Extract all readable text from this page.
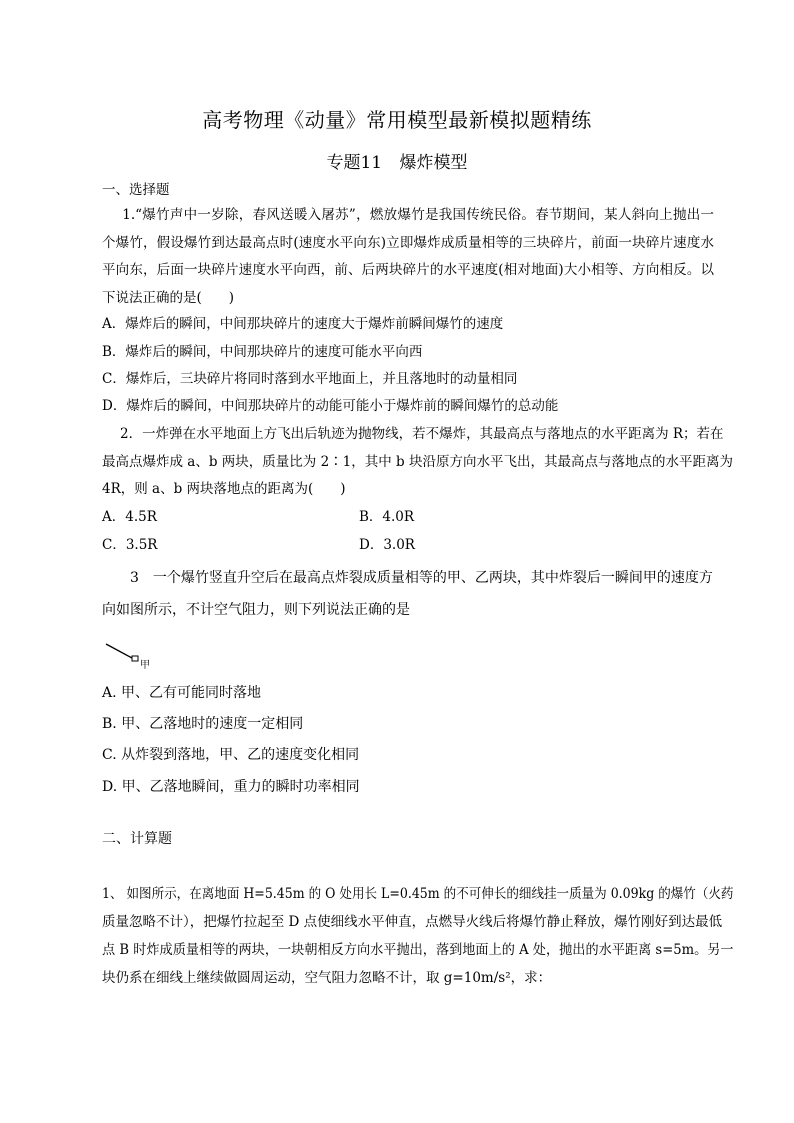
高考物理《动量》常用模型最新模拟题精练
专题11 爆炸模型
一、选择题
1.“爆竹声中一岁除，春风送暖入屠苏”，燃放爆竹是我国传统民俗。春节期间，某人斜向上抛出一个爆竹，假设爆竹到达最高点时(速度水平向东)立即爆炸成质量相等的三块碎片，前面一块碎片速度水平向东，后面一块碎片速度水平向西，前、后两块碎片的水平速度(相对地面)大小相等、方向相反。以下说法正确的是(　　)
A．爆炸后的瞬间，中间那块碎片的速度大于爆炸前瞬间爆竹的速度
B．爆炸后的瞬间，中间那块碎片的速度可能水平向西
C．爆炸后，三块碎片将同时落到水平地面上，并且落地时的动量相同
D．爆炸后的瞬间，中间那块碎片的动能可能小于爆炸前的瞬间爆竹的总动能
2．一炸弹在水平地面上方飞出后轨迹为抛物线，若不爆炸，其最高点与落地点的水平距离为 R；若在
最高点爆炸成 a、b 两块，质量比为 2∶1，其中 b 块沿原方向水平飞出，其最高点与落地点的水平距离为
4R，则 a、b 两块落地点的距离为(　　)
A．4.5R	B．4.0R
C．3.5R	D．3.0R
3　一个爆竹竖直升空后在最高点炸裂成质量相等的甲、乙两块，其中炸裂后一瞬间甲的速度方向如图所示，不计空气阻力，则下列说法正确的是
甲
A. 甲、乙有可能同时落地
B. 甲、乙落地时的速度一定相同
C. 从炸裂到落地，甲、乙的速度变化相同
D. 甲、乙落地瞬间，重力的瞬时功率相同
二、计算题
1、 如图所示，在离地面 H=5.45m 的 O 处用长 L=0.45m 的不可伸长的细线挂一质量为 0.09kg 的爆竹（火药
质量忽略不计），把爆竹拉起至 D 点使细线水平伸直，点燃导火线后将爆竹静止释放，爆竹刚好到达最低
点 B 时炸成质量相等的两块，一块朝相反方向水平抛出，落到地面上的 A 处，抛出的水平距离 s=5m。另一
块仍系在细线上继续做圆周运动，空气阻力忽略不计，取 g=10m/s²，求：
